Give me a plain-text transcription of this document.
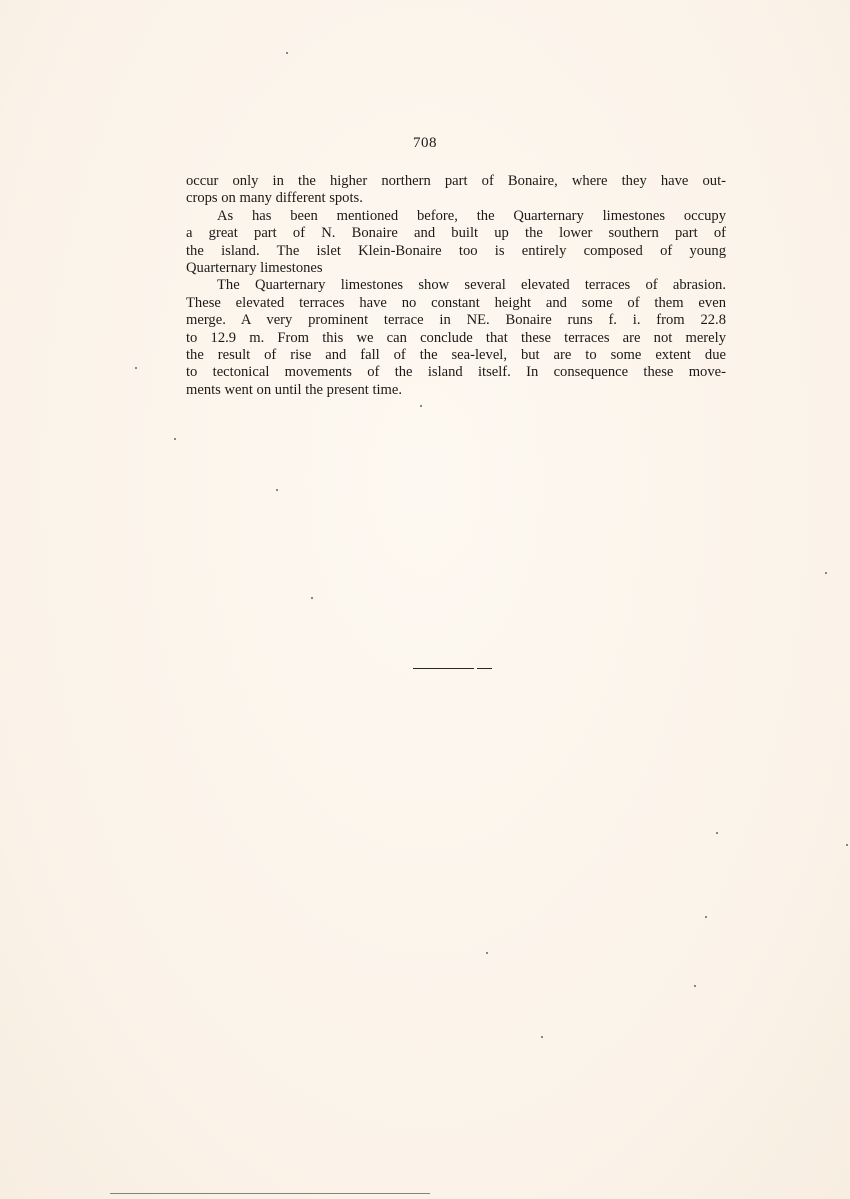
708
occur only in the higher northern part of Bonaire, where they have out-
crops on many different spots.
As has been mentioned before, the Quarternary limestones occupy
a great part of N. Bonaire and built up the lower southern part of
the island. The islet Klein-Bonaire too is entirely composed of young
Quarternary limestones
The Quarternary limestones show several elevated terraces of abrasion.
These elevated terraces have no constant height and some of them even
merge. A very prominent terrace in NE. Bonaire runs f. i. from 22.8
to 12.9 m. From this we can conclude that these terraces are not merely
the result of rise and fall of the sea-level, but are to some extent due
to tectonical movements of the island itself. In consequence these move-
ments went on until the present time.
